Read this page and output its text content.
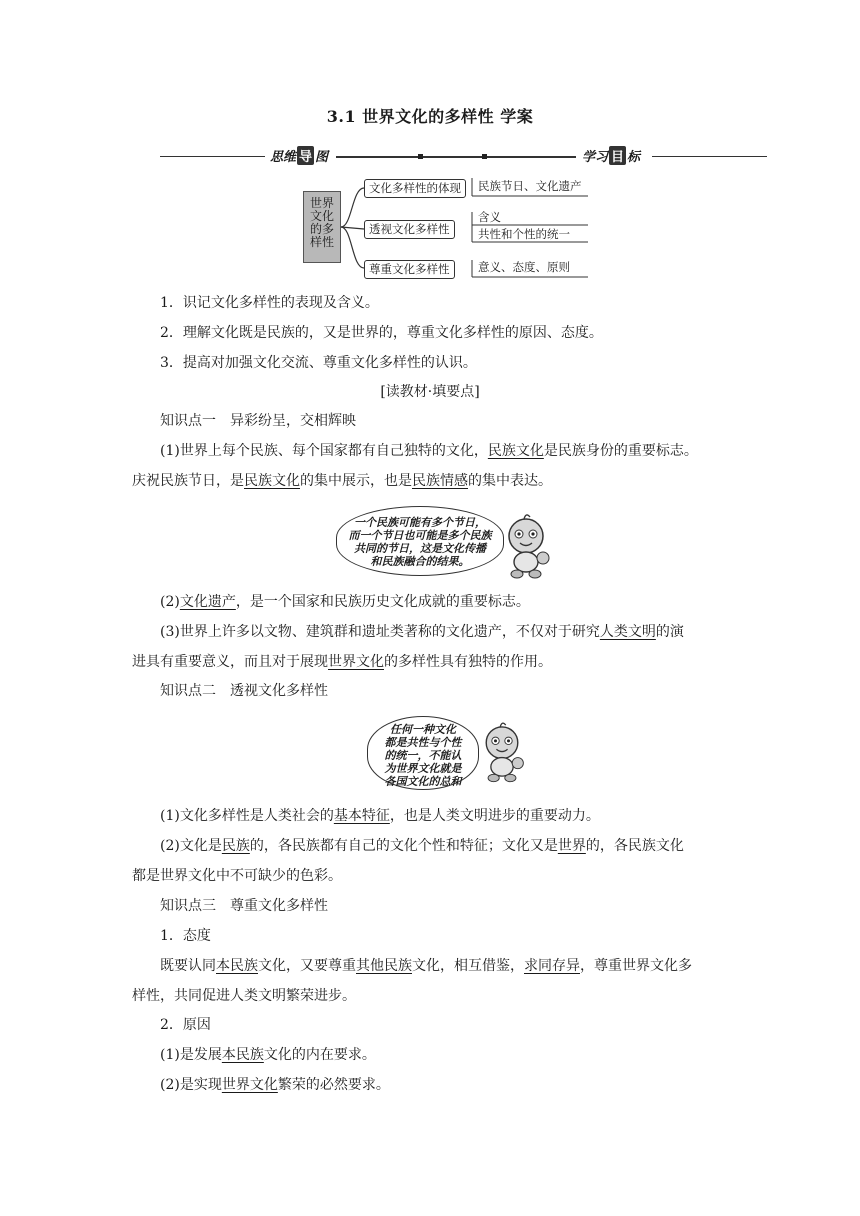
3.1 世界文化的多样性 学案
思维 导 图	学习 目 标
世界
文化
的多
样性
文化多样性的体现	民族节日、文化遗产
透视文化多样性
含义
共性和个性的统一
尊重文化多样性	意义、态度、原则
1．识记文化多样性的表现及含义。
2．理解文化既是民族的，又是世界的，尊重文化多样性的原因、态度。
3．提高对加强文化交流、尊重文化多样性的认识。
[读教材·填要点]
知识点一　异彩纷呈，交相辉映
(1)世界上每个民族、每个国家都有自己独特的文化，民族文化是民族身份的重要标志。
庆祝民族节日，是民族文化的集中展示，也是民族情感的集中表达。
一个民族可能有多个节日，
而一个节日也可能是多个民族
共同的节日，这是文化传播
和民族融合的结果。
(2)文化遗产，是一个国家和民族历史文化成就的重要标志。
(3)世界上许多以文物、建筑群和遗址类著称的文化遗产，不仅对于研究人类文明的演
进具有重要意义，而且对于展现世界文化的多样性具有独特的作用。
知识点二　透视文化多样性
任何一种文化
都是共性与个性
的统一，不能认
为世界文化就是
各国文化的总和
(1)文化多样性是人类社会的基本特征，也是人类文明进步的重要动力。
(2)文化是民族的，各民族都有自己的文化个性和特征；文化又是世界的，各民族文化
都是世界文化中不可缺少的色彩。
知识点三　尊重文化多样性
1．态度
既要认同本民族文化，又要尊重其他民族文化，相互借鉴，求同存异，尊重世界文化多
样性，共同促进人类文明繁荣进步。
2．原因
(1)是发展本民族文化的内在要求。
(2)是实现世界文化繁荣的必然要求。
